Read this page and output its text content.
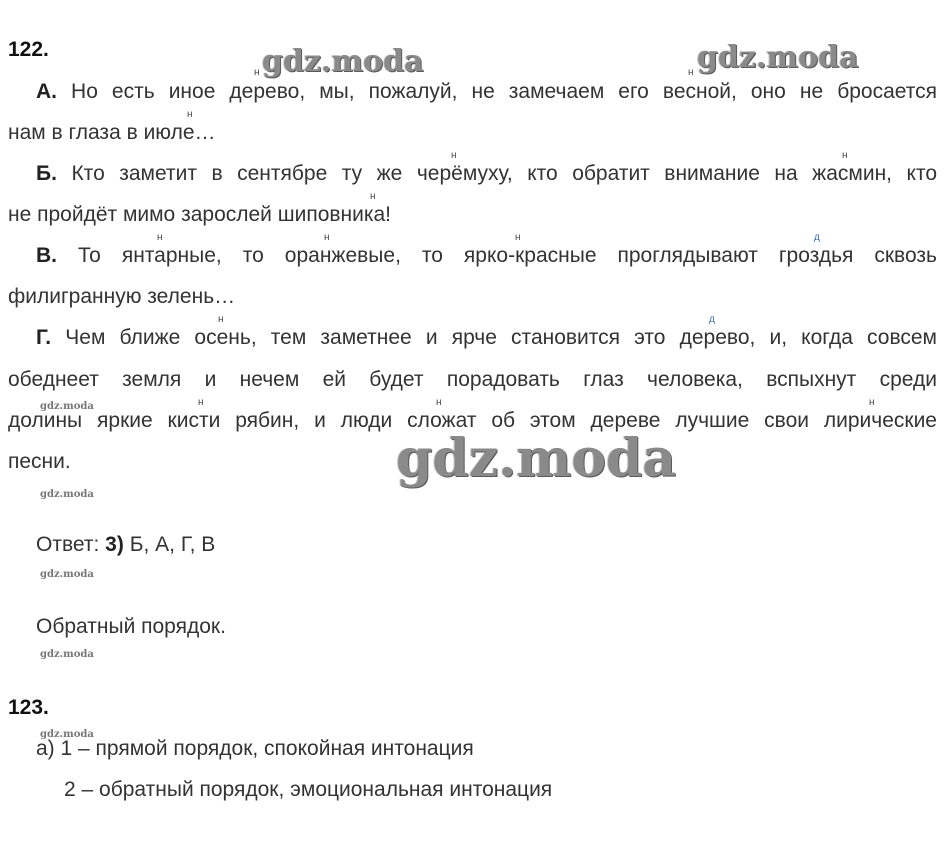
122.	gdz.moda	gdz.moda
А. Но есть иное дерево, мы, пожалуй, не замечаем его весной, оно не бросается
нам в глаза в июле…
Б. Кто заметит в сентябре ту же черёмуху, кто обратит внимание на жасмин, кто
не пройдёт мимо зарослей шиповника!
В. То янтарные, то оранжевые, то ярко-красные проглядывают гроздья сквозь
филигранную зелень…
Г. Чем ближе осень, тем заметнее и ярче становится это дерево, и, когда совсем
обеднеет земля и нечем ей будет порадовать глаз человека, вспыхнут среди
долины яркие кисти рябин, и люди сложат об этом дереве лучшие свои лирические
песни.	gdz.moda
н	н
н
н	н
н
н	н	н	д
н	д
н	н	н
gdz.moda
gdz.moda
gdz.moda
gdz.moda
gdz.moda
Ответ: 3) Б, А, Г, В
Обратный порядок.
123.
а) 1 – прямой порядок, спокойная интонация
2 – обратный порядок, эмоциональная интонация
